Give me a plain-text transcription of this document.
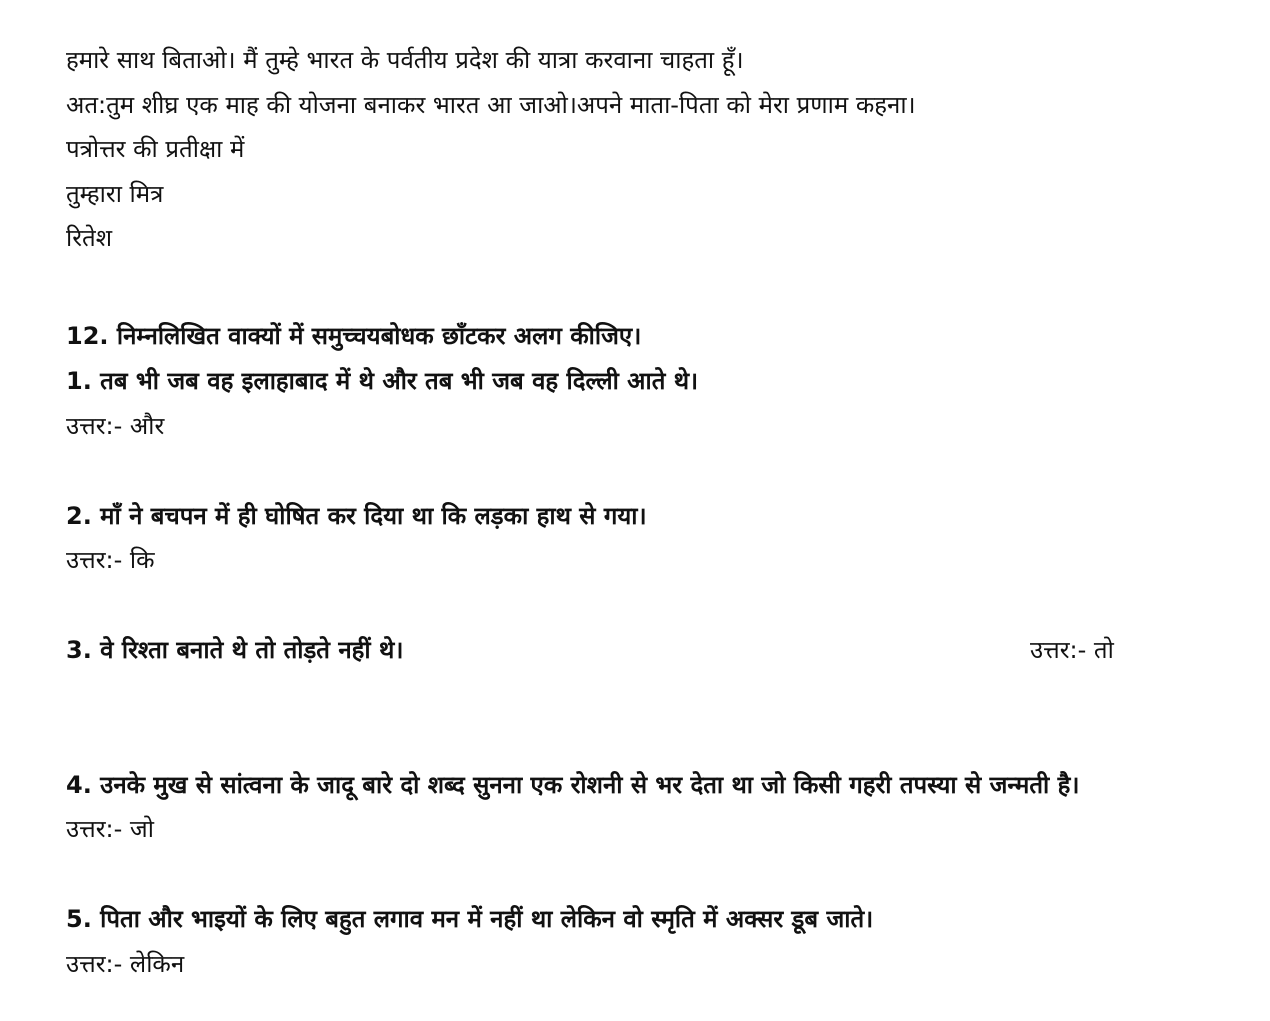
हमारे साथ बिताओ। मैं तुम्हे भारत के पर्वतीय प्रदेश की यात्रा करवाना चाहता हूँ।
अत:तुम शीघ्र एक माह की योजना बनाकर भारत आ जाओ।अपने माता-पिता को मेरा प्रणाम कहना।
पत्रोत्तर की प्रतीक्षा में
तुम्हारा मित्र
रितेश
12. निम्नलिखित वाक्यों में समुच्चयबोधक छाँटकर अलग कीजिए।
1. तब भी जब वह इलाहाबाद में थे और तब भी जब वह दिल्ली आते थे।
उत्तर:- और
2. माँ ने बचपन में ही घोषित कर दिया था कि लड़का हाथ से गया।
उत्तर:- कि
3. वे रिश्ता बनाते थे तो तोड़ते नहीं थे।	उत्तर:- तो
4. उनके मुख से सांत्वना के जादू बारे दो शब्द सुनना एक रोशनी से भर देता था जो किसी गहरी तपस्या से जन्मती है।
उत्तर:- जो
5. पिता और भाइयों के लिए बहुत लगाव मन में नहीं था लेकिन वो स्मृति में अक्सर डूब जाते।
उत्तर:- लेकिन
